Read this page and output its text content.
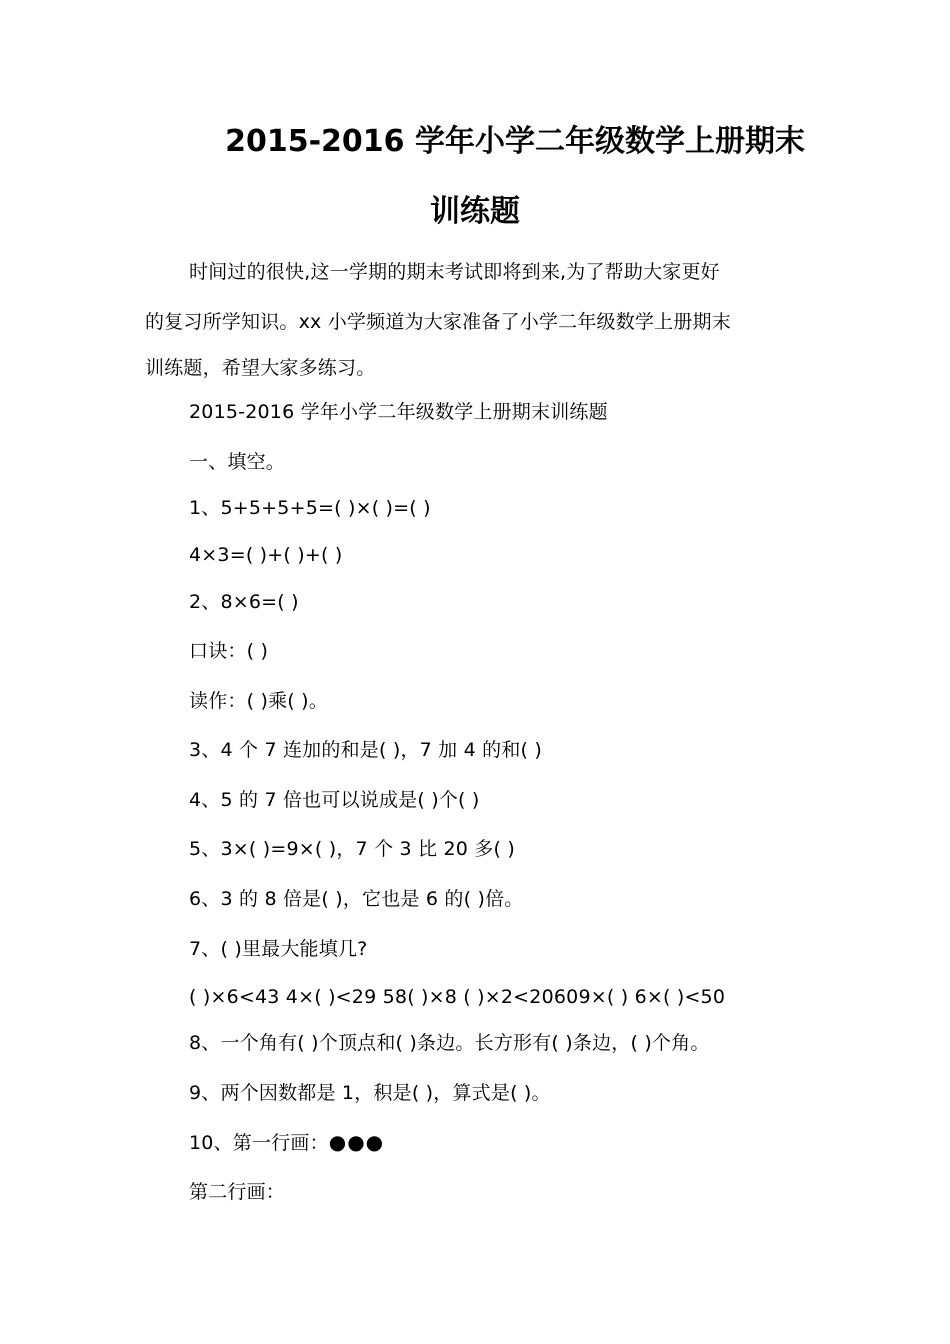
2015-2016 学年小学二年级数学上册期末
训练题
时间过的很快,这一学期的期末考试即将到来,为了帮助大家更好
的复习所学知识。xx 小学频道为大家准备了小学二年级数学上册期末
训练题，希望大家多练习。
2015-2016 学年小学二年级数学上册期末训练题
一、填空。
1、5+5+5+5=( )×( )=( )
4×3=( )+( )+( )
2、8×6=( )
口诀：( )
读作：( )乘( )。
3、4 个 7 连加的和是( )，7 加 4 的和( )
4、5 的 7 倍也可以说成是( )个( )
5、3×( )=9×( )，7 个 3 比 20 多( )
6、3 的 8 倍是( )，它也是 6 的( )倍。
7、( )里最大能填几?
( )×6<43 4×( )<29 58( )×8 ( )×2<20609×( ) 6×( )<50
8、一个角有( )个顶点和( )条边。长方形有( )条边，( )个角。
9、两个因数都是 1，积是( )，算式是( )。
10、第一行画：●●●
第二行画：
